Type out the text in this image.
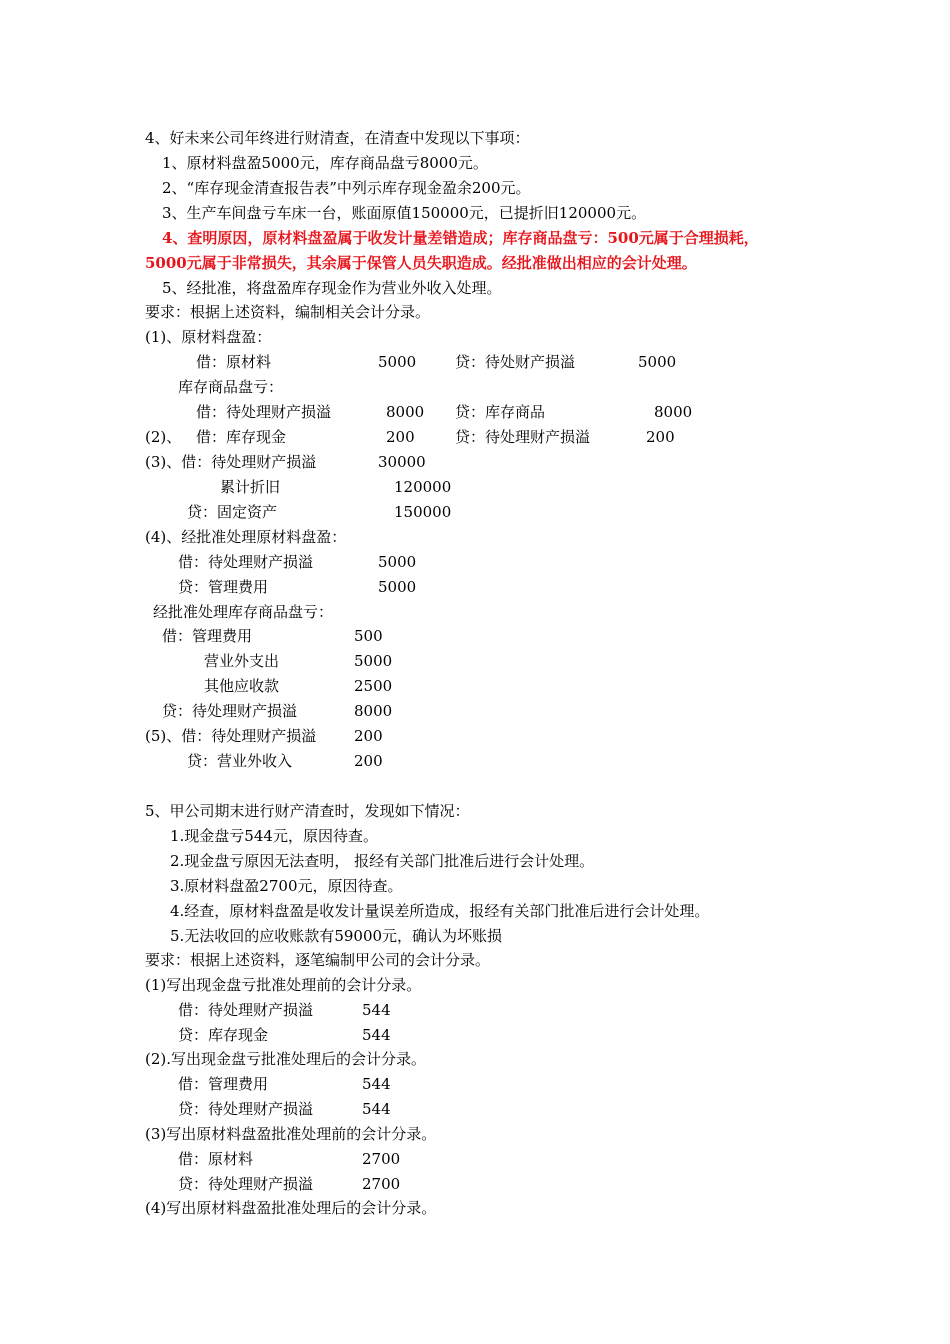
4、好未来公司年终进行财清查，在清查中发现以下事项：
1、原材料盘盈5000元，库存商品盘亏8000元。
2、“库存现金清查报告表”中列示库存现金盈余200元。
3、生产车间盘亏车床一台，账面原值150000元，已提折旧120000元。
4、查明原因，原材料盘盈属于收发计量差错造成；库存商品盘亏：500元属于合理损耗，
5000元属于非常损失，其余属于保管人员失职造成。经批准做出相应的会计处理。
5、经批准，将盘盈库存现金作为营业外收入处理。
要求：根据上述资料，编制相关会计分录。
(1)、原材料盘盈：
借：原材料	5000	贷：待处财产损溢	5000
库存商品盘亏：
借：待处理财产损溢	8000 贷：库存商品	8000
(2)、 借：库存现金	200	贷：待处理财产损溢	200
(3)、借：待处理财产损溢	30000
累计折旧	120000
贷：固定资产	150000
(4)、经批准处理原材料盘盈：
借：待处理财产损溢	5000
贷：管理费用	5000
经批准处理库存商品盘亏：
借：管理费用	500
营业外支出	5000
其他应收款	2500
贷：待处理财产损溢	8000
(5)、借：待处理财产损溢	200
贷：营业外收入	200
5、甲公司期末进行财产清查时，发现如下情况：
1.现金盘亏544元，原因待查。
2.现金盘亏原因无法查明， 报经有关部门批准后进行会计处理。
3.原材料盘盈2700元，原因待查。
4.经查，原材料盘盈是收发计量误差所造成，报经有关部门批准后进行会计处理。
5.无法收回的应收账款有59000元，确认为坏账损
要求：根据上述资料，逐笔编制甲公司的会计分录。
(1)写出现金盘亏批准处理前的会计分录。
借：待处理财产损溢	544
贷：库存现金	544
(2).写出现金盘亏批准处理后的会计分录。
借：管理费用	544
贷：待处理财产损溢	544
(3)写出原材料盘盈批准处理前的会计分录。
借：原材料	2700
贷：待处理财产损溢	2700
(4)写出原材料盘盈批准处理后的会计分录。
